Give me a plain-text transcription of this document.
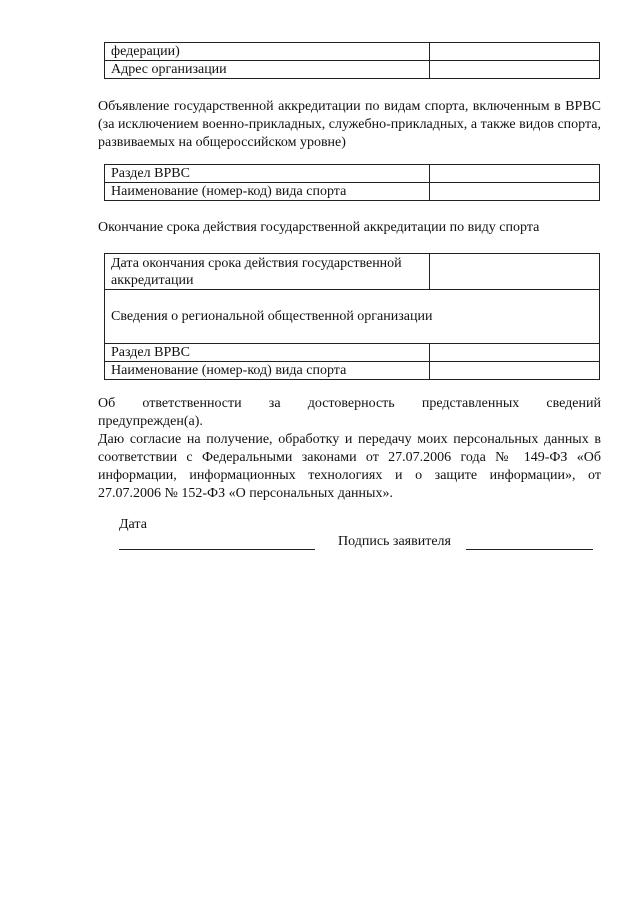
федерации)	
Адрес организации	

Объявление государственной аккредитации по видам спорта, включенным в ВРВС (за исключением военно-прикладных, служебно-прикладных, а также видов спорта, развиваемых на общероссийском уровне)

Раздел ВРВС	
Наименование (номер-код) вида спорта	

Окончание срока действия государственной аккредитации по виду спорта

Дата окончания срока действия государственной аккредитации	
Сведения о региональной общественной организации	
Раздел ВРВС	
Наименование (номер-код) вида спорта	

Об ответственности за достоверность представленных сведений

предупрежден(а).

Даю согласие на получение, обработку и передачу моих персональных данных в соответствии с Федеральными законами от 27.07.2006 года № 149-ФЗ «Об информации, информационных технологиях и о защите информации», от 27.07.2006 № 152-ФЗ «О персональных данных».

Дата

Подпись заявителя
